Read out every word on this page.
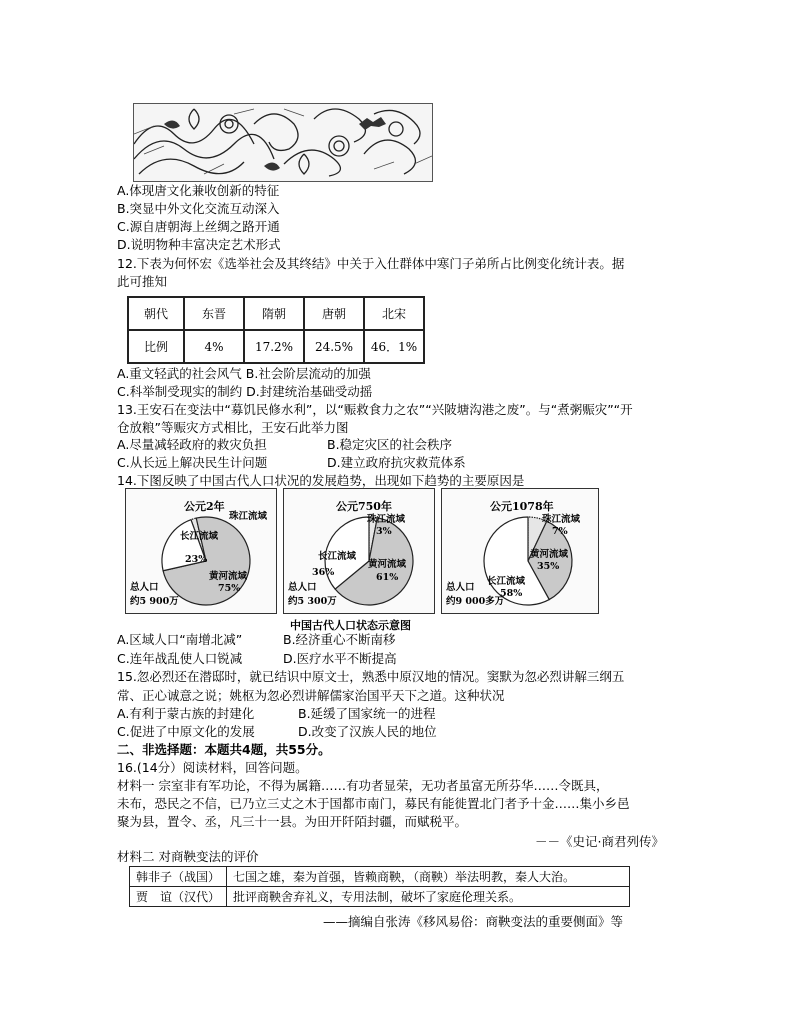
A.体现唐文化兼收创新的特征
B.突显中外文化交流互动深入
C.源自唐朝海上丝绸之路开通
D.说明物种丰富决定艺术形式
12.下表为何怀宏《选举社会及其终结》中关于入仕群体中寒门子弟所占比例变化统计表。据
此可推知
朝代	东晋	隋朝	唐朝	北宋
比例	4%	17.2%	24.5%	46．1%
A.重文轻武的社会风气 B.社会阶层流动的加强
C.科举制受现实的制约 D.封建统治基础受动摇
13.王安石在变法中“募饥民修水利”，以“赈救食力之农”“兴陂塘沟港之废”。与“煮粥赈灾”“开
仓放粮”等赈灾方式相比，王安石此举力图
A.尽量减轻政府的救灾负担	B.稳定灾区的社会秩序
C.从长远上解决民生计问题	D.建立政府抗灾救荒体系
14.下图反映了中国古代人口状况的发展趋势，出现如下趋势的主要原因是
公元2年
珠江流域
长江流域
23%
黄河流域
75%
总人口
约5 900万
公元750年
珠江流域
3%
长江流域
36%
黄河流域
61%
总人口
约5 300万
公元1078年
珠江流域
7%
黄河流域
35%
长江流域
58%
总人口
约9 000多万
中国古代人口状态示意图
A.区域人口“南增北减”	B.经济重心不断南移
C.连年战乱使人口锐减	D.医疗水平不断提高
15.忽必烈还在潜邸时，就已结识中原文士，熟悉中原汉地的情况。窦默为忽必烈讲解三纲五
常、正心诚意之说；姚枢为忽必烈讲解儒家治国平天下之道。这种状况
A.有利于蒙古族的封建化	B.延缓了国家统一的进程
C.促进了中原文化的发展	D.改变了汉族人民的地位
二、非选择题：本题共4题，共55分。
16.(14分）阅读材料，回答问题。
材料一 宗室非有军功论，不得为属籍……有功者显荣，无功者虽富无所芬华……令既具，
未布，恐民之不信，已乃立三丈之木于国都市南门，募民有能徙置北门者予十金……集小乡邑
聚为县，置令、丞，凡三十一县。为田开阡陌封疆，而赋税平。
－－《史记·商君列传》
材料二 对商鞅变法的评价
韩非子（战国）	七国之雄，秦为首强，皆赖商鞅，（商鞅）举法明教，秦人大治。
贾　谊（汉代）	批评商鞅舍弃礼义，专用法制，破坏了家庭伦理关系。
——摘编自张涛《移风易俗：商鞅变法的重要侧面》等
